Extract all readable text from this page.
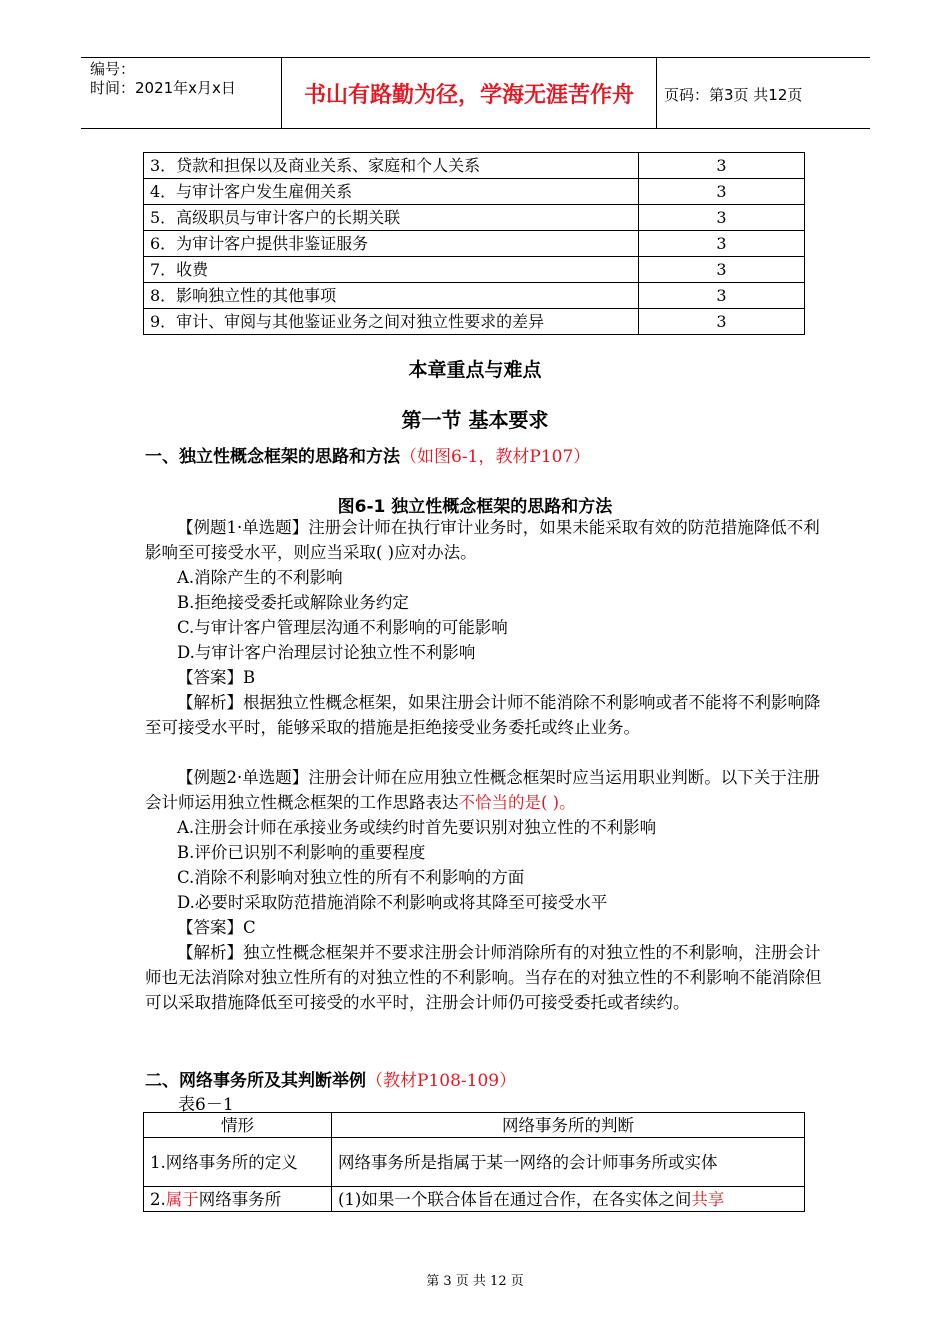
编号：
时间：2021年x月x日	书山有路勤为径，学海无涯苦作舟	页码：第3页 共12页
3．贷款和担保以及商业关系、家庭和个人关系	3
4．与审计客户发生雇佣关系	3
5．高级职员与审计客户的长期关联	3
6．为审计客户提供非鉴证服务	3
7．收费	3
8．影响独立性的其他事项	3
9．审计、审阅与其他鉴证业务之间对独立性要求的差异	3
本章重点与难点
第一节 基本要求
一、独立性概念框架的思路和方法（如图6-1，教材P107）
图6-1 独立性概念框架的思路和方法

【例题1·单选题】注册会计师在执行审计业务时，如果未能采取有效的防范措施降低不利影响至可接受水平，则应当采取( )应对办法。

A.消除产生的不利影响

B.拒绝接受委托或解除业务约定

C.与审计客户管理层沟通不利影响的可能影响

D.与审计客户治理层讨论独立性不利影响

【答案】B

【解析】根据独立性概念框架，如果注册会计师不能消除不利影响或者不能将不利影响降至可接受水平时，能够采取的措施是拒绝接受业务委托或终止业务。

【例题2·单选题】注册会计师在应用独立性概念框架时应当运用职业判断。以下关于注册会计师运用独立性概念框架的工作思路表达不恰当的是( )。

A.注册会计师在承接业务或续约时首先要识别对独立性的不利影响

B.评价已识别不利影响的重要程度

C.消除不利影响对独立性的所有不利影响的方面

D.必要时采取防范措施消除不利影响或将其降至可接受水平

【答案】C

【解析】独立性概念框架并不要求注册会计师消除所有的对独立性的不利影响，注册会计师也无法消除对独立性所有的对独立性的不利影响。当存在的对独立性的不利影响不能消除但可以采取措施降低至可接受的水平时，注册会计师仍可接受委托或者续约。

二、网络事务所及其判断举例（教材P108-109）
表6－1
情形	网络事务所的判断
1.网络事务所的定义	网络事务所是指属于某一网络的会计师事务所或实体
2.属于网络事务所	(1)如果一个联合体旨在通过合作，在各实体之间共享
第 3 页 共 12 页
